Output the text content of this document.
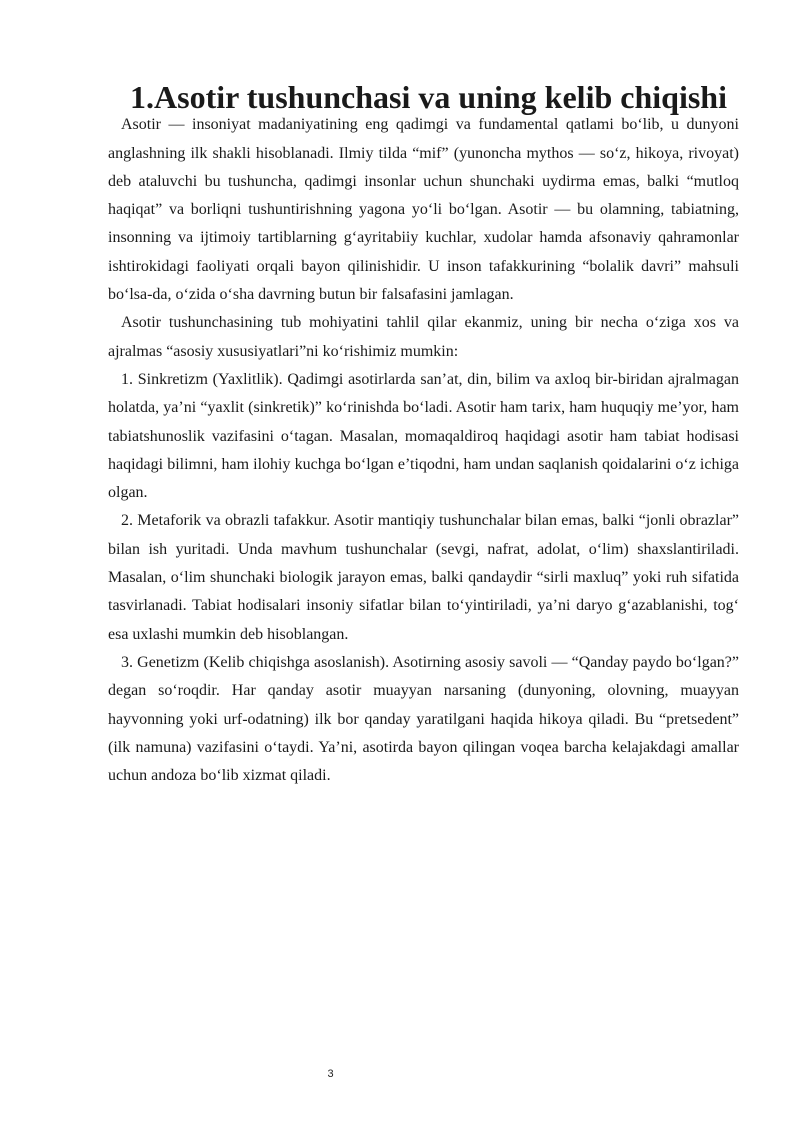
1.Asotir tushunchasi va uning kelib chiqishi

Asotir — insoniyat madaniyatining eng qadimgi va fundamental qatlami bo‘lib, u dunyoni anglashning ilk shakli hisoblanadi. Ilmiy tilda “mif” (yunoncha mythos — so‘z, hikoya, rivoyat) deb ataluvchi bu tushuncha, qadimgi insonlar uchun shunchaki uydirma emas, balki “mutloq haqiqat” va borliqni tushuntirishning yagona yo‘li bo‘lgan. Asotir — bu olamning, tabiatning, insonning va ijtimoiy tartiblarning g‘ayritabiiy kuchlar, xudolar hamda afsonaviy qahramonlar ishtirokidagi faoliyati orqali bayon qilinishidir. U inson tafakkurining “bolalik davri” mahsuli bo‘lsa-da, o‘zida o‘sha davrning butun bir falsafasini jamlagan.

Asotir tushunchasining tub mohiyatini tahlil qilar ekanmiz, uning bir necha o‘ziga xos va ajralmas “asosiy xususiyatlari”ni ko‘rishimiz mumkin:

1. Sinkretizm (Yaxlitlik). Qadimgi asotirlarda san’at, din, bilim va axloq bir-biridan ajralmagan holatda, ya’ni “yaxlit (sinkretik)” ko‘rinishda bo‘ladi. Asotir ham tarix, ham huquqiy me’yor, ham tabiatshunoslik vazifasini o‘tagan. Masalan, momaqaldiroq haqidagi asotir ham tabiat hodisasi haqidagi bilimni, ham ilohiy kuchga bo‘lgan e’tiqodni, ham undan saqlanish qoidalarini o‘z ichiga olgan.

2. Metaforik va obrazli tafakkur. Asotir mantiqiy tushunchalar bilan emas, balki “jonli obrazlar” bilan ish yuritadi. Unda mavhum tushunchalar (sevgi, nafrat, adolat, o‘lim) shaxslantiriladi. Masalan, o‘lim shunchaki biologik jarayon emas, balki qandaydir “sirli maxluq” yoki ruh sifatida tasvirlanadi. Tabiat hodisalari insoniy sifatlar bilan to‘yintiriladi, ya’ni daryo g‘azablanishi, tog‘ esa uxlashi mumkin deb hisoblangan.

3. Genetizm (Kelib chiqishga asoslanish). Asotirning asosiy savoli — “Qanday paydo bo‘lgan?” degan so‘roqdir. Har qanday asotir muayyan narsaning (dunyoning, olovning, muayyan hayvonning yoki urf-odatning) ilk bor qanday yaratilgani haqida hikoya qiladi. Bu “pretsedent” (ilk namuna) vazifasini o‘taydi. Ya’ni, asotirda bayon qilingan voqea barcha kelajakdagi amallar uchun andoza bo‘lib xizmat qiladi.

3
